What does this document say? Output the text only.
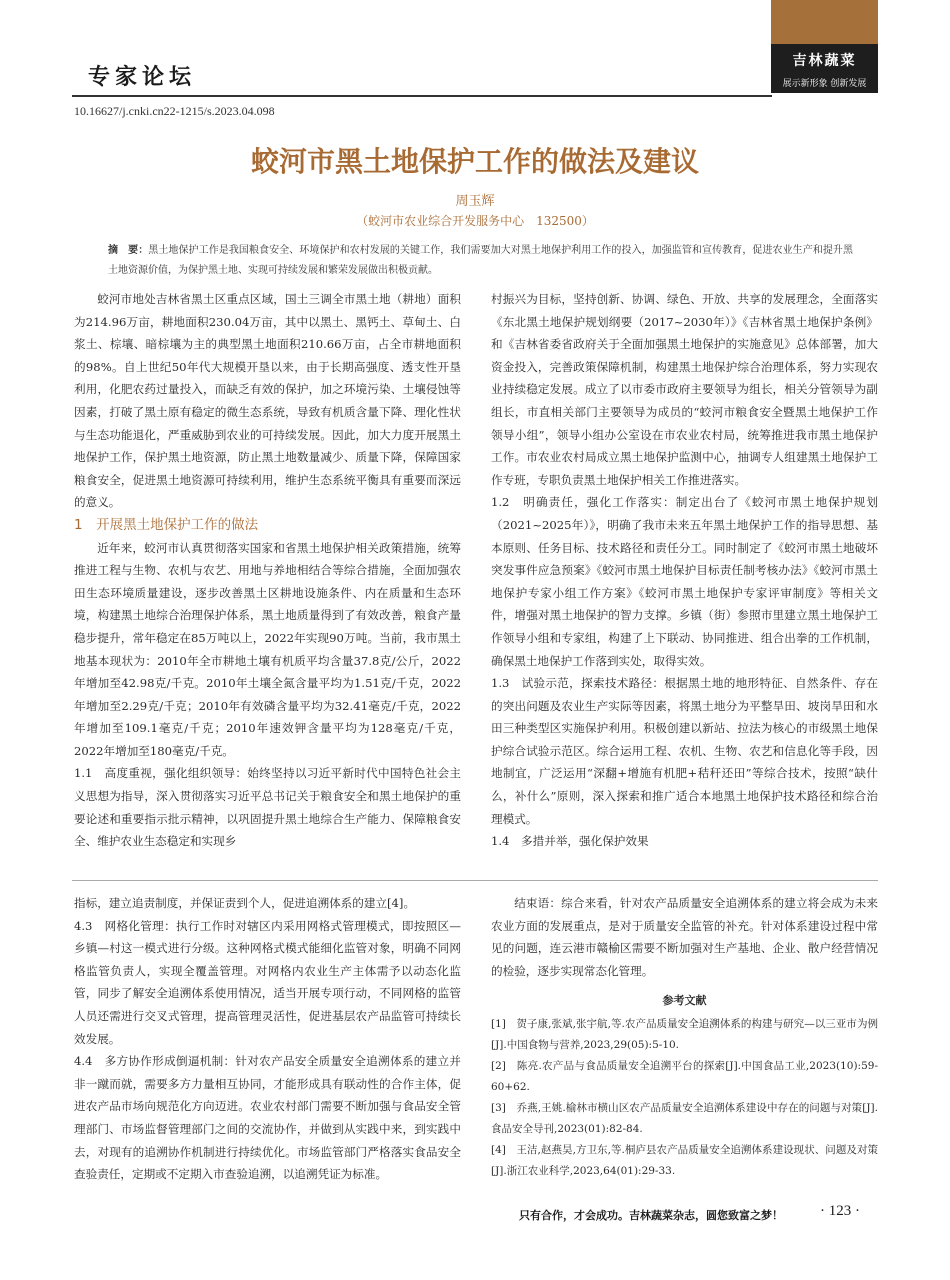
专家论坛
吉林蔬菜
展示新形象 创新发展
10.16627/j.cnki.cn22-1215/s.2023.04.098
蛟河市黑土地保护工作的做法及建议
周玉辉
（蛟河市农业综合开发服务中心　132500）
摘　要：黑土地保护工作是我国粮食安全、环境保护和农村发展的关键工作，我们需要加大对黑土地保护利用工作的投入，加强监管和宣传教育，促进农业生产和提升黑土地资源价值，为保护黑土地、实现可持续发展和繁荣发展做出积极贡献。

蛟河市地处吉林省黑土区重点区域，国土三调全市黑土地（耕地）面积为214.96万亩，耕地面积230.04万亩，其中以黑土、黑钙土、草甸土、白浆土、棕壤、暗棕壤为主的典型黑土地面积210.66万亩，占全市耕地面积的98%。自上世纪50年代大规模开垦以来，由于长期高强度、透支性开垦利用，化肥农药过量投入，而缺乏有效的保护，加之环境污染、土壤侵蚀等因素，打破了黑土原有稳定的微生态系统，导致有机质含量下降、理化性状与生态功能退化，严重威胁到农业的可持续发展。因此，加大力度开展黑土地保护工作，保护黑土地资源，防止黑土地数量减少、质量下降，保障国家粮食安全，促进黑土地资源可持续利用，维护生态系统平衡具有重要而深远的意义。

1　开展黑土地保护工作的做法

近年来，蛟河市认真贯彻落实国家和省黑土地保护相关政策措施，统筹推进工程与生物、农机与农艺、用地与养地相结合等综合措施，全面加强农田生态环境质量建设，逐步改善黑土区耕地设施条件、内在质量和生态环境，构建黑土地综合治理保护体系，黑土地质量得到了有效改善，粮食产量稳步提升，常年稳定在85万吨以上，2022年实现90万吨。当前，我市黑土地基本现状为：2010年全市耕地土壤有机质平均含量37.8克/公斤，2022年增加至42.98克/千克。2010年土壤全氮含量平均为1.51克/千克，2022年增加至2.29克/千克；2010年有效磷含量平均为32.41毫克/千克，2022年增加至109.1毫克/千克；2010年速效钾含量平均为128毫克/千克，2022年增加至180毫克/千克。

1.1　高度重视，强化组织领导：始终坚持以习近平新时代中国特色社会主义思想为指导，深入贯彻落实习近平总书记关于粮食安全和黑土地保护的重要论述和重要指示批示精神，以巩固提升黑土地综合生产能力、保障粮食安全、维护农业生态稳定和实现乡

村振兴为目标，坚持创新、协调、绿色、开放、共享的发展理念，全面落实《东北黑土地保护规划纲要（2017~2030年）》《吉林省黑土地保护条例》和《吉林省委省政府关于全面加强黑土地保护的实施意见》总体部署，加大资金投入，完善政策保障机制，构建黑土地保护综合治理体系，努力实现农业持续稳定发展。成立了以市委市政府主要领导为组长，相关分管领导为副组长，市直相关部门主要领导为成员的“蛟河市粮食安全暨黑土地保护工作领导小组”，领导小组办公室设在市农业农村局，统筹推进我市黑土地保护工作。市农业农村局成立黑土地保护监测中心，抽调专人组建黑土地保护工作专班，专职负责黑土地保护相关工作推进落实。

1.2　明确责任，强化工作落实：制定出台了《蛟河市黑土地保护规划（2021~2025年）》，明确了我市未来五年黑土地保护工作的指导思想、基本原则、任务目标、技术路径和责任分工。同时制定了《蛟河市黑土地破坏突发事件应急预案》《蛟河市黑土地保护目标责任制考核办法》《蛟河市黑土地保护专家小组工作方案》《蛟河市黑土地保护专家评审制度》等相关文件，增强对黑土地保护的智力支撑。乡镇（街）参照市里建立黑土地保护工作领导小组和专家组，构建了上下联动、协同推进、组合出拳的工作机制，确保黑土地保护工作落到实处，取得实效。

1.3　试验示范，探索技术路径：根据黑土地的地形特征、自然条件、存在的突出问题及农业生产实际等因素，将黑土地分为平整旱田、坡岗旱田和水田三种类型区实施保护利用。积极创建以新站、拉法为核心的市级黑土地保护综合试验示范区。综合运用工程、农机、生物、农艺和信息化等手段，因地制宜，广泛运用“深翻+增施有机肥+秸秆还田”等综合技术，按照“缺什么，补什么”原则，深入探索和推广适合本地黑土地保护技术路径和综合治理模式。

1.4　多措并举，强化保护效果

指标，建立追责制度，并保证责到个人，促进追溯体系的建立[4]。

4.3　网格化管理：执行工作时对辖区内采用网格式管理模式，即按照区—乡镇—村这一模式进行分级。这种网格式模式能细化监管对象，明确不同网格监管负责人，实现全覆盖管理。对网格内农业生产主体需予以动态化监管，同步了解安全追溯体系使用情况，适当开展专项行动，不同网格的监管人员还需进行交叉式管理，提高管理灵活性，促进基层农产品监管可持续长效发展。

4.4　多方协作形成倒逼机制：针对农产品安全质量安全追溯体系的建立并非一蹴而就，需要多方力量相互协同，才能形成具有联动性的合作主体，促进农产品市场向规范化方向迈进。农业农村部门需要不断加强与食品安全管理部门、市场监督管理部门之间的交流协作，并做到从实践中来，到实践中去，对现有的追溯协作机制进行持续优化。市场监管部门严格落实食品安全查验责任，定期或不定期入市查验追溯，以追溯凭证为标准。

结束语：综合来看，针对农产品质量安全追溯体系的建立将会成为未来农业方面的发展重点，是对于质量安全监管的补充。针对体系建设过程中常见的问题，连云港市赣榆区需要不断加强对生产基地、企业、散户经营情况的检验，逐步实现常态化管理。

参考文献

[1]　贺子康,张斌,张宇航,等.农产品质量安全追溯体系的构建与研究—以三亚市为例[J].中国食物与营养,2023,29(05):5-10.

[2]　陈亮.农产品与食品质量安全追溯平台的探索[J].中国食品工业,2023(10):59-60+62.

[3]　乔燕,王姚.榆林市横山区农产品质量安全追溯体系建设中存在的问题与对策[J].食品安全导刊,2023(01):82-84.

[4]　王洁,赵燕昊,方卫东,等.桐庐县农产品质量安全追溯体系建设现状、问题及对策[J].浙江农业科学,2023,64(01):29-33.

只有合作，才会成功。吉林蔬菜杂志，圆您致富之梦！ · 123 ·
